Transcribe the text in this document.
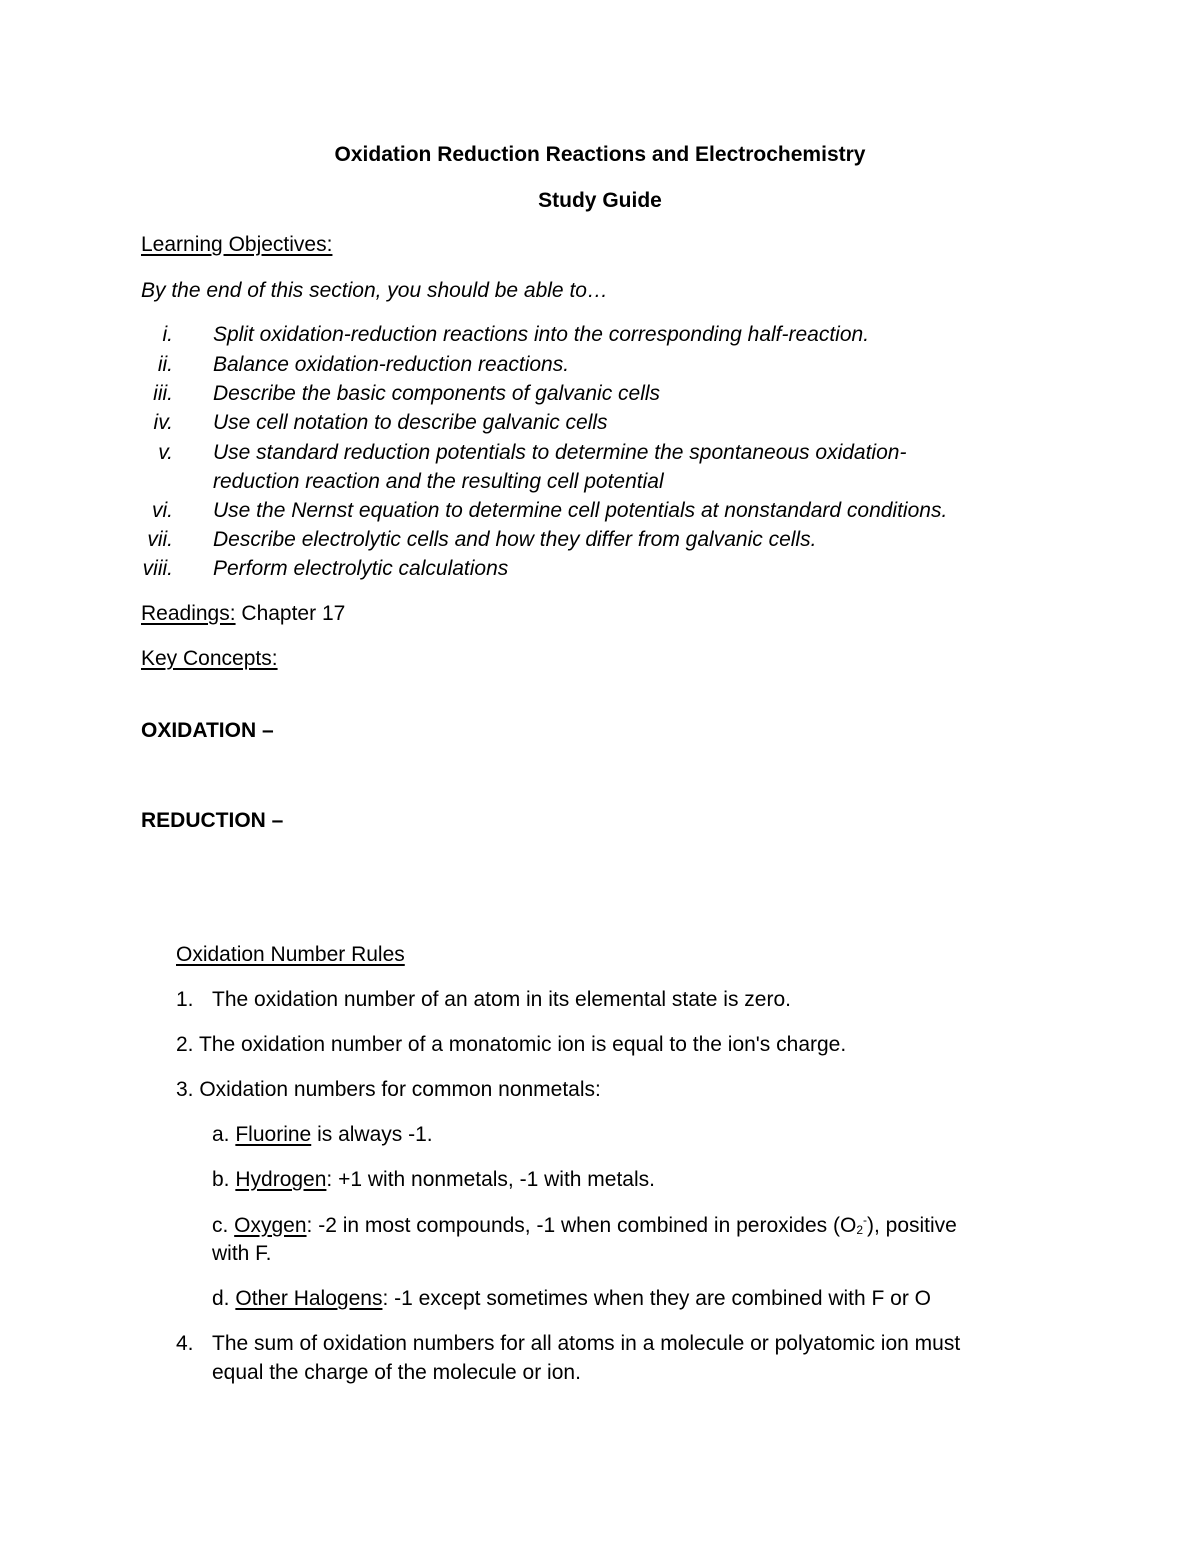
Oxidation Reduction Reactions and Electrochemistry
Study Guide
Learning Objectives:
By the end of this section, you should be able to…
i. Split oxidation-reduction reactions into the corresponding half-reaction.
ii. Balance oxidation-reduction reactions.
iii. Describe the basic components of galvanic cells
iv. Use cell notation to describe galvanic cells
v. Use standard reduction potentials to determine the spontaneous oxidation-
reduction reaction and the resulting cell potential
vi. Use the Nernst equation to determine cell potentials at nonstandard conditions.
vii. Describe electrolytic cells and how they differ from galvanic cells.
viii. Perform electrolytic calculations
Readings: Chapter 17
Key Concepts:
OXIDATION –
REDUCTION –
Oxidation Number Rules
1. The oxidation number of an atom in its elemental state is zero.
2. The oxidation number of a monatomic ion is equal to the ion's charge.
3. Oxidation numbers for common nonmetals:
a. Fluorine is always -1.
b. Hydrogen: +1 with nonmetals, -1 with metals.
c. Oxygen: -2 in most compounds, -1 when combined in peroxides $(O_2^-)$, positive
with F.
d. Other Halogens: -1 except sometimes when they are combined with F or O
4. The sum of oxidation numbers for all atoms in a molecule or polyatomic ion must
equal the charge of the molecule or ion.
